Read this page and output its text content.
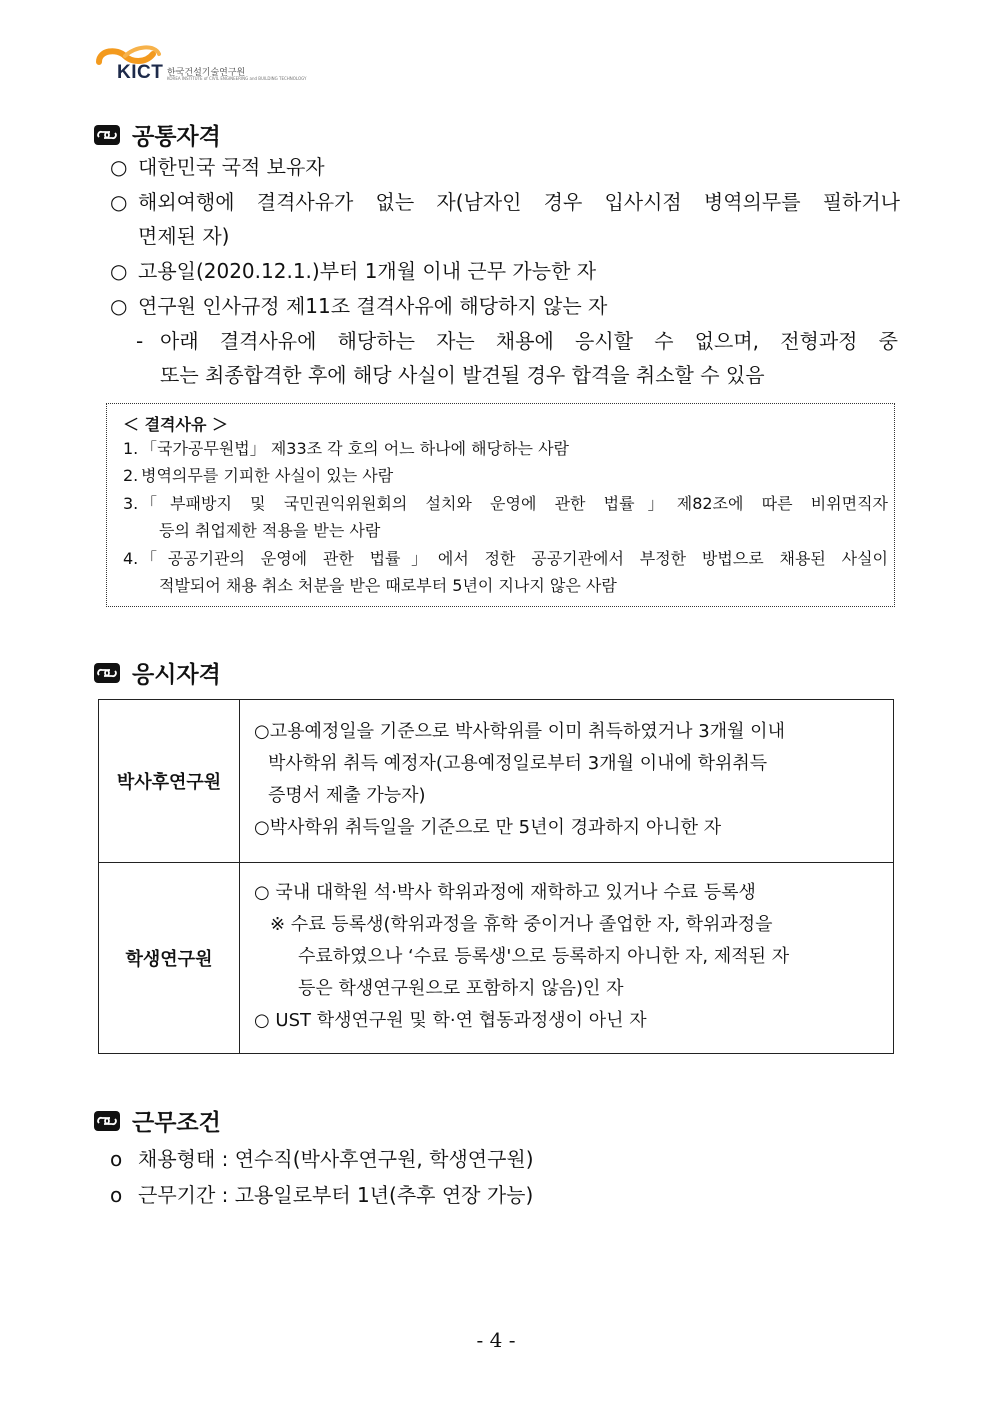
KICT 한국건설기술연구원
KOREA INSTITUTE of CIVIL ENGINEERING and BUILDING TECHNOLOGY
공통자격
○ 대한민국 국적 보유자
○ 해외여행에 결격사유가 없는 자(남자인 경우 입사시점 병역의무를 필하거나
면제된 자)
○ 고용일(2020.12.1.)부터 1개월 이내 근무 가능한 자
○ 연구원 인사규정 제11조 결격사유에 해당하지 않는 자
- 아래 결격사유에 해당하는 자는 채용에 응시할 수 없으며, 전형과정 중
또는 최종합격한 후에 해당 사실이 발견될 경우 합격을 취소할 수 있음
＜ 결격사유 ＞
1. 「국가공무원법」 제33조 각 호의 어느 하나에 해당하는 사람
2. 병역의무를 기피한 사실이 있는 사람
3. 「부패방지 및 국민권익위원회의 설치와 운영에 관한 법률」제82조에 따른 비위면직자
등의 취업제한 적용을 받는 사람
4. 「공공기관의 운영에 관한 법률」에서 정한 공공기관에서 부정한 방법으로 채용된 사실이
적발되어 채용 취소 처분을 받은 때로부터 5년이 지나지 않은 사람
응시자격
박사후연구원	○고용예정일을 기준으로 박사학위를 이미 취득하였거나 3개월 이내
박사학위 취득 예정자(고용예정일로부터 3개월 이내에 학위취득
증명서 제출 가능자)
○박사학위 취득일을 기준으로 만 5년이 경과하지 아니한 자

학생연구원	○ 국내 대학원 석·박사 학위과정에 재학하고 있거나 수료 등록생
※ 수료 등록생(학위과정을 휴학 중이거나 졸업한 자, 학위과정을
수료하였으나 ‘수료 등록생'으로 등록하지 아니한 자, 제적된 자
등은 학생연구원으로 포함하지 않음)인 자
○ UST 학생연구원 및 학·연 협동과정생이 아닌 자
근무조건
o 채용형태 : 연수직(박사후연구원, 학생연구원)
o 근무기간 : 고용일로부터 1년(추후 연장 가능)
- 4 -
